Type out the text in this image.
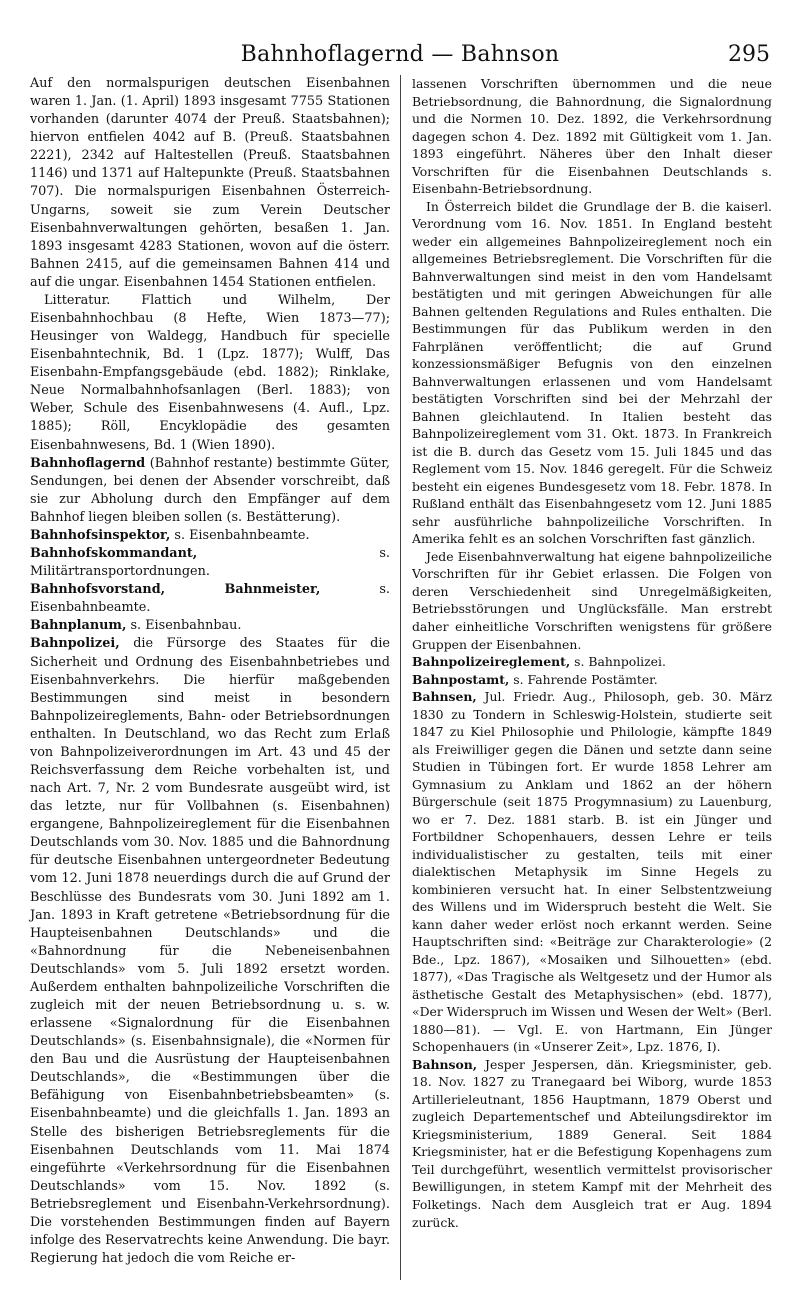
Bahnhoflagernd — Bahnson	295

Auf den normalspurigen deutschen Eisenbahnen waren 1. Jan. (1. April) 1893 insgesamt 7755 Stationen vorhanden (darunter 4074 der Preuß. Staatsbahnen); hiervon entfielen 4042 auf B. (Preuß. Staatsbahnen 2221), 2342 auf Haltestellen (Preuß. Staatsbahnen 1146) und 1371 auf Haltepunkte (Preuß. Staatsbahnen 707). Die normalspurigen Eisenbahnen Österreich-Ungarns, soweit sie zum Verein Deutscher Eisenbahnverwaltungen gehörten, besaßen 1. Jan. 1893 insgesamt 4283 Stationen, wovon auf die österr. Bahnen 2415, auf die gemeinsamen Bahnen 414 und auf die ungar. Eisenbahnen 1454 Stationen entfielen.

Litteratur. Flattich und Wilhelm, Der Eisenbahnhochbau (8 Hefte, Wien 1873—77); Heusinger von Waldegg, Handbuch für specielle Eisenbahntechnik, Bd. 1 (Lpz. 1877); Wulff, Das Eisenbahn-Empfangsgebäude (ebd. 1882); Rinklake, Neue Normalbahnhofsanlagen (Berl. 1883); von Weber, Schule des Eisenbahnwesens (4. Aufl., Lpz. 1885); Röll, Encyklopädie des gesamten Eisenbahnwesens, Bd. 1 (Wien 1890).

Bahnhoflagernd (Bahnhof restante) bestimmte Güter, Sendungen, bei denen der Absender vorschreibt, daß sie zur Abholung durch den Empfänger auf dem Bahnhof liegen bleiben sollen (s. Bestätterung).

Bahnhofsinspektor, s. Eisenbahnbeamte.

Bahnhofskommandant, s. Militärtransportordnungen.

Bahnhofsvorstand, Bahnmeister, s. Eisenbahnbeamte.

Bahnplanum, s. Eisenbahnbau.

Bahnpolizei, die Fürsorge des Staates für die Sicherheit und Ordnung des Eisenbahnbetriebes und Eisenbahnverkehrs. Die hierfür maßgebenden Bestimmungen sind meist in besondern Bahnpolizeireglements, Bahn- oder Betriebsordnungen enthalten. In Deutschland, wo das Recht zum Erlaß von Bahnpolizeiverordnungen im Art. 43 und 45 der Reichsverfassung dem Reiche vorbehalten ist, und nach Art. 7, Nr. 2 vom Bundesrate ausgeübt wird, ist das letzte, nur für Vollbahnen (s. Eisenbahnen) ergangene, Bahnpolizeireglement für die Eisenbahnen Deutschlands vom 30. Nov. 1885 und die Bahnordnung für deutsche Eisenbahnen untergeordneter Bedeutung vom 12. Juni 1878 neuerdings durch die auf Grund der Beschlüsse des Bundesrats vom 30. Juni 1892 am 1. Jan. 1893 in Kraft getretene «Betriebsordnung für die Haupteisenbahnen Deutschlands» und die «Bahnordnung für die Nebeneisenbahnen Deutschlands» vom 5. Juli 1892 ersetzt worden. Außerdem enthalten bahnpolizeiliche Vorschriften die zugleich mit der neuen Betriebsordnung u. s. w. erlassene «Signalordnung für die Eisenbahnen Deutschlands» (s. Eisenbahnsignale), die «Normen für den Bau und die Ausrüstung der Haupteisenbahnen Deutschlands», die «Bestimmungen über die Befähigung von Eisenbahnbetriebsbeamten» (s. Eisenbahnbeamte) und die gleichfalls 1. Jan. 1893 an Stelle des bisherigen Betriebsreglements für die Eisenbahnen Deutschlands vom 11. Mai 1874 eingeführte «Verkehrsordnung für die Eisenbahnen Deutschlands» vom 15. Nov. 1892 (s. Betriebsreglement und Eisenbahn-Verkehrsordnung). Die vorstehenden Bestimmungen finden auf Bayern infolge des Reservatrechts keine Anwendung. Die bayr. Regierung hat jedoch die vom Reiche er-

lassenen Vorschriften übernommen und die neue Betriebsordnung, die Bahnordnung, die Signalordnung und die Normen 10. Dez. 1892, die Verkehrsordnung dagegen schon 4. Dez. 1892 mit Gültigkeit vom 1. Jan. 1893 eingeführt. Näheres über den Inhalt dieser Vorschriften für die Eisenbahnen Deutschlands s. Eisenbahn-Betriebsordnung.

In Österreich bildet die Grundlage der B. die kaiserl. Verordnung vom 16. Nov. 1851. In England besteht weder ein allgemeines Bahnpolizeireglement noch ein allgemeines Betriebsreglement. Die Vorschriften für die Bahnverwaltungen sind meist in den vom Handelsamt bestätigten und mit geringen Abweichungen für alle Bahnen geltenden Regulations and Rules enthalten. Die Bestimmungen für das Publikum werden in den Fahrplänen veröffentlicht; die auf Grund konzessionsmäßiger Befugnis von den einzelnen Bahnverwaltungen erlassenen und vom Handelsamt bestätigten Vorschriften sind bei der Mehrzahl der Bahnen gleichlautend. In Italien besteht das Bahnpolizeireglement vom 31. Okt. 1873. In Frankreich ist die B. durch das Gesetz vom 15. Juli 1845 und das Reglement vom 15. Nov. 1846 geregelt. Für die Schweiz besteht ein eigenes Bundesgesetz vom 18. Febr. 1878. In Rußland enthält das Eisenbahngesetz vom 12. Juni 1885 sehr ausführliche bahnpolizeiliche Vorschriften. In Amerika fehlt es an solchen Vorschriften fast gänzlich.

Jede Eisenbahnverwaltung hat eigene bahnpolizeiliche Vorschriften für ihr Gebiet erlassen. Die Folgen von deren Verschiedenheit sind Unregelmäßigkeiten, Betriebsstörungen und Unglücksfälle. Man erstrebt daher einheitliche Vorschriften wenigstens für größere Gruppen der Eisenbahnen.

Bahnpolizeireglement, s. Bahnpolizei.

Bahnpostamt, s. Fahrende Postämter.

Bahnsen, Jul. Friedr. Aug., Philosoph, geb. 30. März 1830 zu Tondern in Schleswig-Holstein, studierte seit 1847 zu Kiel Philosophie und Philologie, kämpfte 1849 als Freiwilliger gegen die Dänen und setzte dann seine Studien in Tübingen fort. Er wurde 1858 Lehrer am Gymnasium zu Anklam und 1862 an der höhern Bürgerschule (seit 1875 Progymnasium) zu Lauenburg, wo er 7. Dez. 1881 starb. B. ist ein Jünger und Fortbildner Schopenhauers, dessen Lehre er teils individualistischer zu gestalten, teils mit einer dialektischen Metaphysik im Sinne Hegels zu kombinieren versucht hat. In einer Selbstentzweiung des Willens und im Widerspruch besteht die Welt. Sie kann daher weder erlöst noch erkannt werden. Seine Hauptschriften sind: «Beiträge zur Charakterologie» (2 Bde., Lpz. 1867), «Mosaiken und Silhouetten» (ebd. 1877), «Das Tragische als Weltgesetz und der Humor als ästhetische Gestalt des Metaphysischen» (ebd. 1877), «Der Widerspruch im Wissen und Wesen der Welt» (Berl. 1880—81). — Vgl. E. von Hartmann, Ein Jünger Schopenhauers (in «Unserer Zeit», Lpz. 1876, I).

Bahnson, Jesper Jespersen, dän. Kriegsminister, geb. 18. Nov. 1827 zu Tranegaard bei Wiborg, wurde 1853 Artillerieleutnant, 1856 Hauptmann, 1879 Oberst und zugleich Departementschef und Abteilungsdirektor im Kriegsministerium, 1889 General. Seit 1884 Kriegsminister, hat er die Befestigung Kopenhagens zum Teil durchgeführt, wesentlich vermittelst provisorischer Bewilligungen, in stetem Kampf mit der Mehrheit des Folketings. Nach dem Ausgleich trat er Aug. 1894 zurück.
